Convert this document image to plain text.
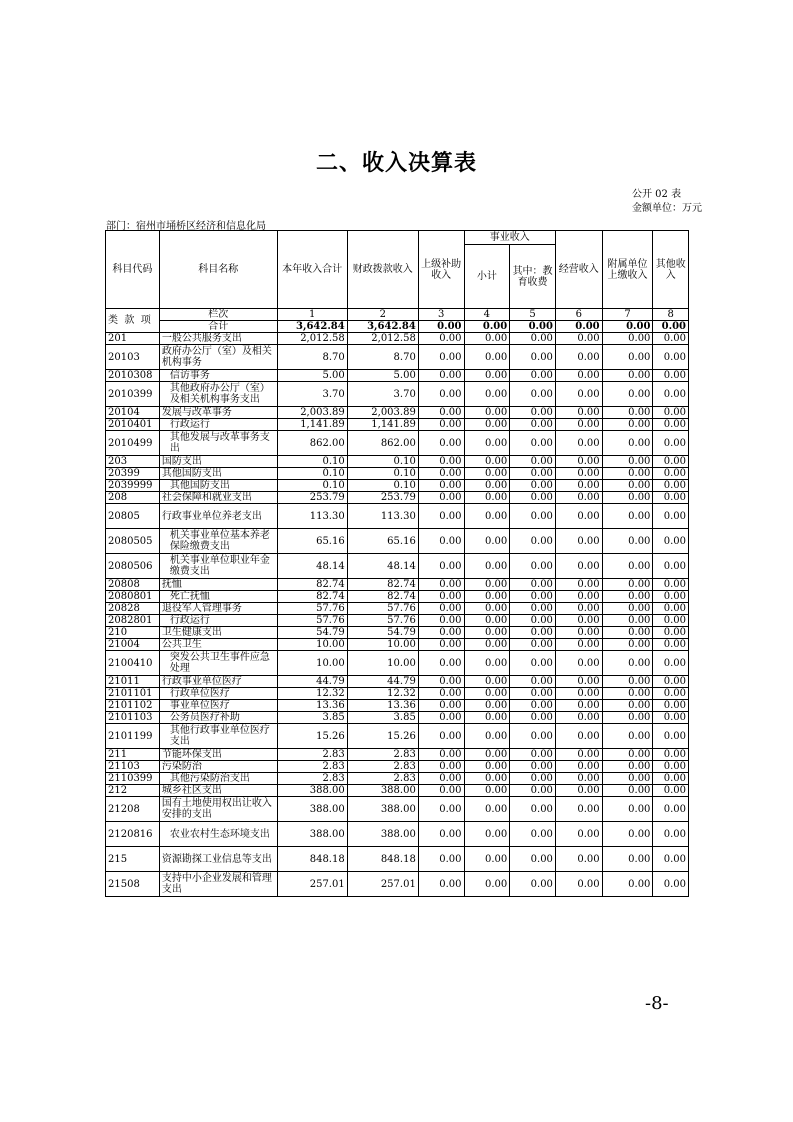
二、收入决算表
公开 02 表
金额单位：万元
部门：宿州市埇桥区经济和信息化局
科目代码	科目名称	本年收入合计	财政拨款收入	上级补助收入	事业收入		经营收入	附属单位上缴收入	其他收入
					小计	其中：教育收费			
类 款 项	栏次	1	2	3	4	5	6	7	8
	合计	3,642.84	3,642.84	0.00	0.00	0.00	0.00	0.00	0.00
201	一般公共服务支出	2,012.58	2,012.58	0.00	0.00	0.00	0.00	0.00	0.00
20103	政府办公厅（室）及相关机构事务	8.70	8.70	0.00	0.00	0.00	0.00	0.00	0.00
2010308	信访事务	5.00	5.00	0.00	0.00	0.00	0.00	0.00	0.00
2010399	其他政府办公厅（室）及相关机构事务支出	3.70	3.70	0.00	0.00	0.00	0.00	0.00	0.00
20104	发展与改革事务	2,003.89	2,003.89	0.00	0.00	0.00	0.00	0.00	0.00
2010401	行政运行	1,141.89	1,141.89	0.00	0.00	0.00	0.00	0.00	0.00
2010499	其他发展与改革事务支出	862.00	862.00	0.00	0.00	0.00	0.00	0.00	0.00
203	国防支出	0.10	0.10	0.00	0.00	0.00	0.00	0.00	0.00
20399	其他国防支出	0.10	0.10	0.00	0.00	0.00	0.00	0.00	0.00
2039999	其他国防支出	0.10	0.10	0.00	0.00	0.00	0.00	0.00	0.00
208	社会保障和就业支出	253.79	253.79	0.00	0.00	0.00	0.00	0.00	0.00
20805	行政事业单位养老支出	113.30	113.30	0.00	0.00	0.00	0.00	0.00	0.00
2080505	机关事业单位基本养老保险缴费支出	65.16	65.16	0.00	0.00	0.00	0.00	0.00	0.00
2080506	机关事业单位职业年金缴费支出	48.14	48.14	0.00	0.00	0.00	0.00	0.00	0.00
20808	抚恤	82.74	82.74	0.00	0.00	0.00	0.00	0.00	0.00
2080801	死亡抚恤	82.74	82.74	0.00	0.00	0.00	0.00	0.00	0.00
20828	退役军人管理事务	57.76	57.76	0.00	0.00	0.00	0.00	0.00	0.00
2082801	行政运行	57.76	57.76	0.00	0.00	0.00	0.00	0.00	0.00
210	卫生健康支出	54.79	54.79	0.00	0.00	0.00	0.00	0.00	0.00
21004	公共卫生	10.00	10.00	0.00	0.00	0.00	0.00	0.00	0.00
2100410	突发公共卫生事件应急处理	10.00	10.00	0.00	0.00	0.00	0.00	0.00	0.00
21011	行政事业单位医疗	44.79	44.79	0.00	0.00	0.00	0.00	0.00	0.00
2101101	行政单位医疗	12.32	12.32	0.00	0.00	0.00	0.00	0.00	0.00
2101102	事业单位医疗	13.36	13.36	0.00	0.00	0.00	0.00	0.00	0.00
2101103	公务员医疗补助	3.85	3.85	0.00	0.00	0.00	0.00	0.00	0.00
2101199	其他行政事业单位医疗支出	15.26	15.26	0.00	0.00	0.00	0.00	0.00	0.00
211	节能环保支出	2.83	2.83	0.00	0.00	0.00	0.00	0.00	0.00
21103	污染防治	2.83	2.83	0.00	0.00	0.00	0.00	0.00	0.00
2110399	其他污染防治支出	2.83	2.83	0.00	0.00	0.00	0.00	0.00	0.00
212	城乡社区支出	388.00	388.00	0.00	0.00	0.00	0.00	0.00	0.00
21208	国有土地使用权出让收入安排的支出	388.00	388.00	0.00	0.00	0.00	0.00	0.00	0.00
2120816	农业农村生态环境支出	388.00	388.00	0.00	0.00	0.00	0.00	0.00	0.00
215	资源勘探工业信息等支出	848.18	848.18	0.00	0.00	0.00	0.00	0.00	0.00
21508	支持中小企业发展和管理支出	257.01	257.01	0.00	0.00	0.00	0.00	0.00	0.00
-8-
